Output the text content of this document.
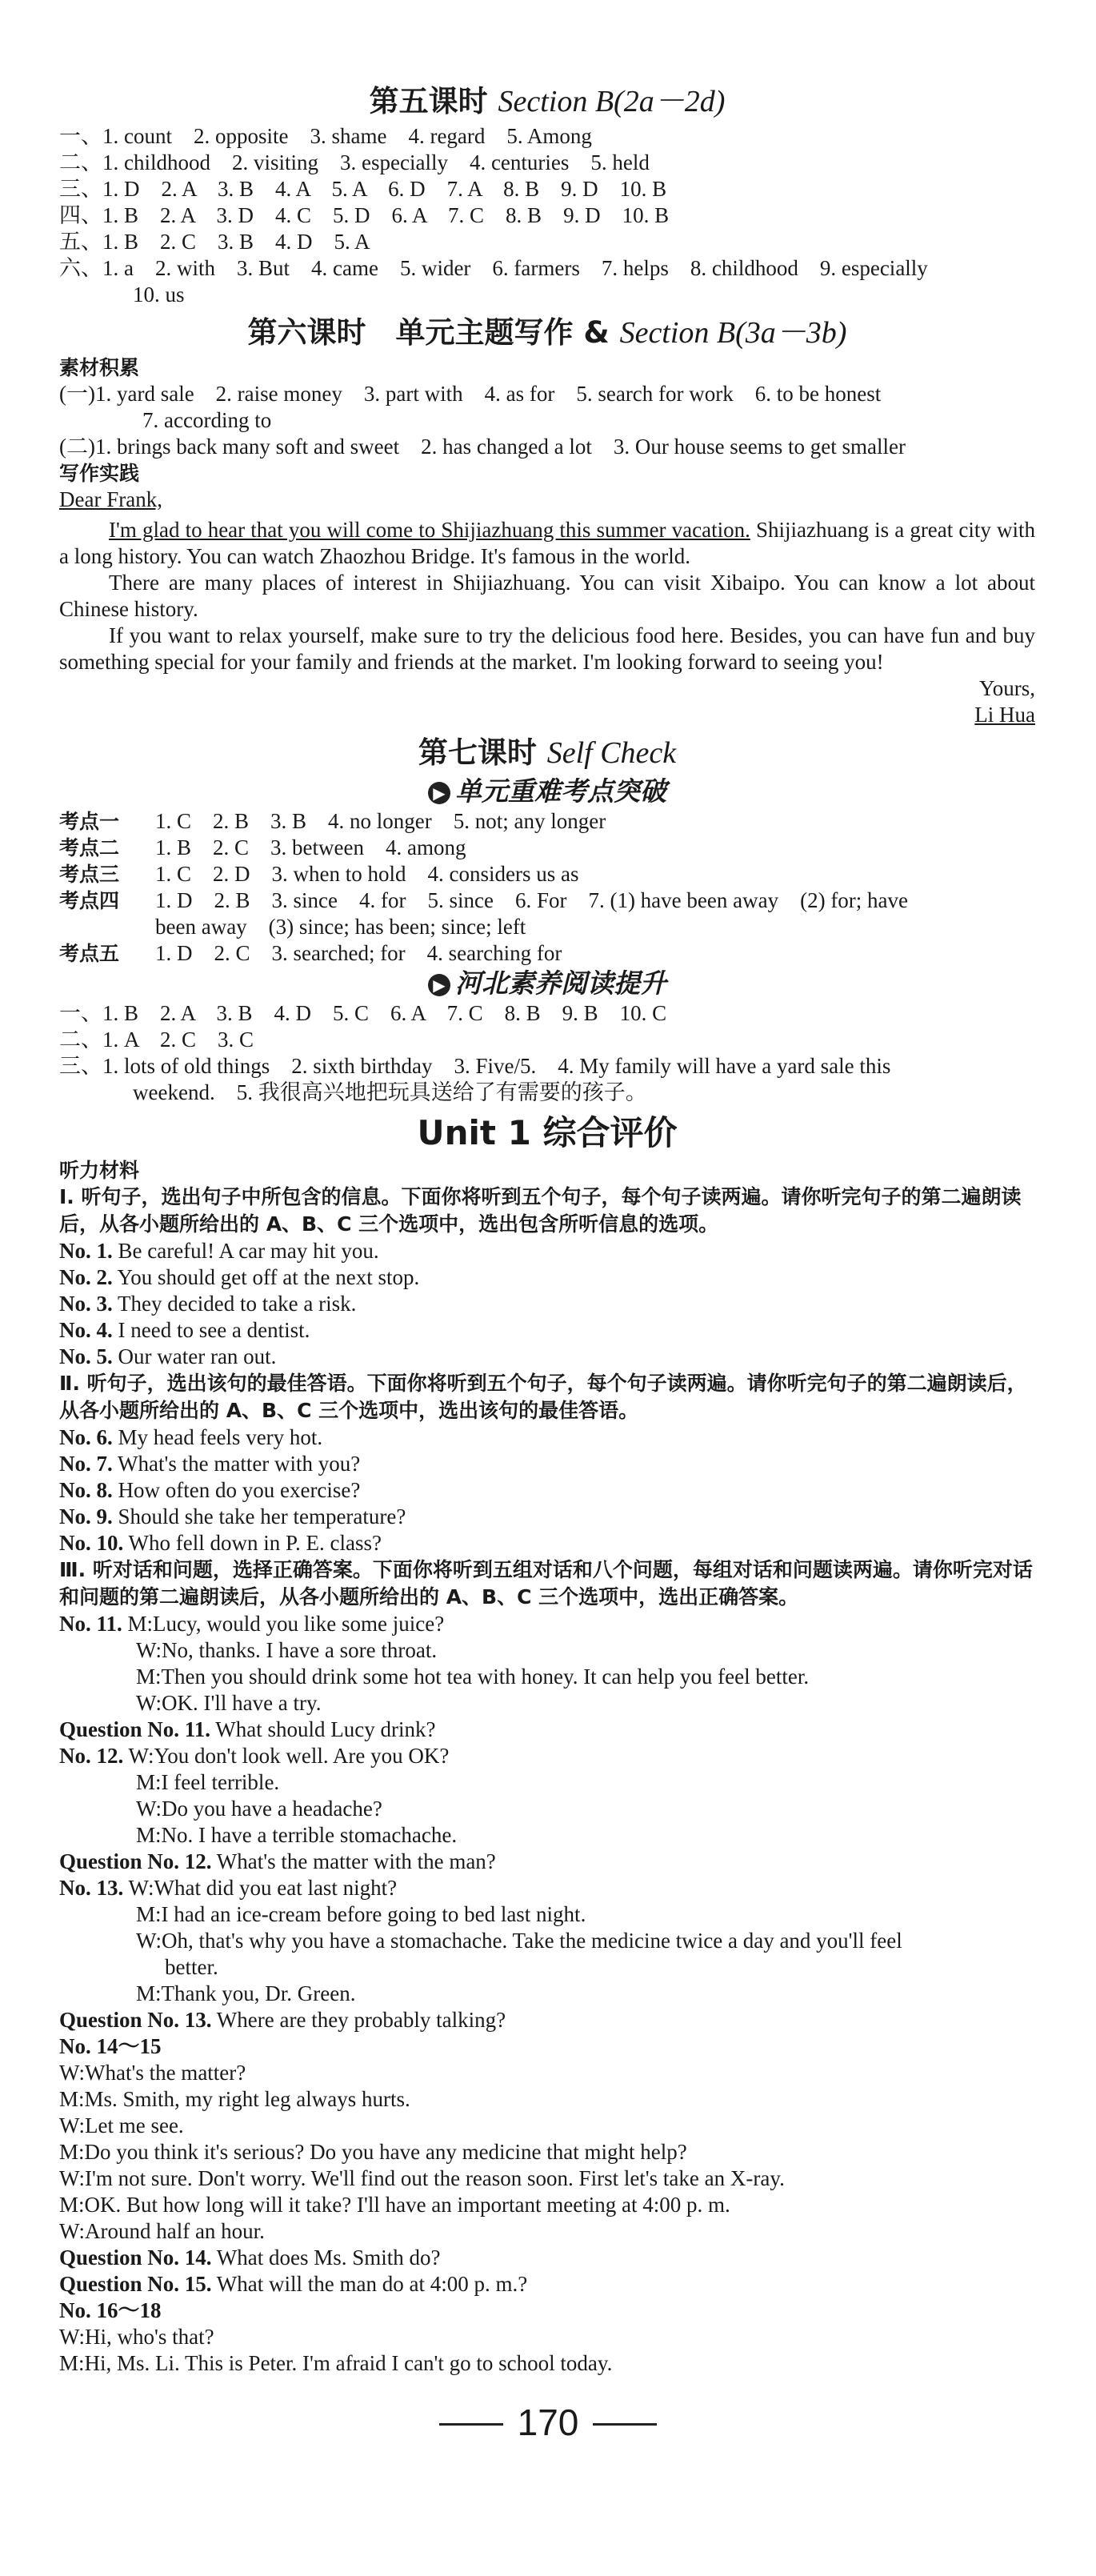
第五课时 Section B(2a－2d)
一、1. count　2. opposite　3. shame　4. regard　5. Among
二、1. childhood　2. visiting　3. especially　4. centuries　5. held
三、1. D　2. A　3. B　4. A　5. A　6. D　7. A　8. B　9. D　10. B
四、1. B　2. A　3. D　4. C　5. D　6. A　7. C　8. B　9. D　10. B
五、1. B　2. C　3. B　4. D　5. A
六、1. a　2. with　3. But　4. came　5. wider　6. farmers　7. helps　8. childhood　9. especially
10. us
第六课时　单元主题写作 & Section B(3a－3b)
素材积累
(一)1. yard sale　2. raise money　3. part with　4. as for　5. search for work　6. to be honest
7. according to
(二)1. brings back many soft and sweet　2. has changed a lot　3. Our house seems to get smaller
写作实践
Dear Frank,
I'm glad to hear that you will come to Shijiazhuang this summer vacation. Shijiazhuang is a great city with a long history. You can watch Zhaozhou Bridge. It's famous in the world.
There are many places of interest in Shijiazhuang. You can visit Xibaipo. You can know a lot about Chinese history.
If you want to relax yourself, make sure to try the delicious food here. Besides, you can have fun and buy something special for your family and friends at the market. I'm looking forward to seeing you!
Yours,
Li Hua
第七课时 Self Check
▶ 单元重难考点突破
考点一	1. C　2. B　3. B　4. no longer　5. not; any longer
考点二	1. B　2. C　3. between　4. among
考点三	1. C　2. D　3. when to hold　4. considers us as
考点四	1. D　2. B　3. since　4. for　5. since　6. For　7. (1) have been away　(2) for; have
been away　(3) since; has been; since; left
考点五	1. D　2. C　3. searched; for　4. searching for
▶ 河北素养阅读提升
一、1. B　2. A　3. B　4. D　5. C　6. A　7. C　8. B　9. B　10. C
二、1. A　2. C　3. C
三、1. lots of old things　2. sixth birthday　3. Five/5.　4. My family will have a yard sale this
weekend.　5. 我很高兴地把玩具送给了有需要的孩子。
Unit 1 综合评价
听力材料
Ⅰ. 听句子，选出句子中所包含的信息。下面你将听到五个句子，每个句子读两遍。请你听完句子的第二遍朗读后，从各小题所给出的 A、B、C 三个选项中，选出包含所听信息的选项。
No. 1. Be careful! A car may hit you.
No. 2. You should get off at the next stop.
No. 3. They decided to take a risk.
No. 4. I need to see a dentist.
No. 5. Our water ran out.
Ⅱ. 听句子，选出该句的最佳答语。下面你将听到五个句子，每个句子读两遍。请你听完句子的第二遍朗读后，从各小题所给出的 A、B、C 三个选项中，选出该句的最佳答语。
No. 6. My head feels very hot.
No. 7. What's the matter with you?
No. 8. How often do you exercise?
No. 9. Should she take her temperature?
No. 10. Who fell down in P. E. class?
Ⅲ. 听对话和问题，选择正确答案。下面你将听到五组对话和八个问题，每组对话和问题读两遍。请你听完对话和问题的第二遍朗读后，从各小题所给出的 A、B、C 三个选项中，选出正确答案。
No. 11. M:Lucy, would you like some juice?
W:No, thanks. I have a sore throat.
M:Then you should drink some hot tea with honey. It can help you feel better.
W:OK. I'll have a try.
Question No. 11. What should Lucy drink?
No. 12. W:You don't look well. Are you OK?
M:I feel terrible.
W:Do you have a headache?
M:No. I have a terrible stomachache.
Question No. 12. What's the matter with the man?
No. 13. W:What did you eat last night?
M:I had an ice-cream before going to bed last night.
W:Oh, that's why you have a stomachache. Take the medicine twice a day and you'll feel
better.
M:Thank you, Dr. Green.
Question No. 13. Where are they probably talking?
No. 14～15
W:What's the matter?
M:Ms. Smith, my right leg always hurts.
W:Let me see.
M:Do you think it's serious? Do you have any medicine that might help?
W:I'm not sure. Don't worry. We'll find out the reason soon. First let's take an X-ray.
M:OK. But how long will it take? I'll have an important meeting at 4:00 p. m.
W:Around half an hour.
Question No. 14. What does Ms. Smith do?
Question No. 15. What will the man do at 4:00 p. m.?
No. 16～18
W:Hi, who's that?
M:Hi, Ms. Li. This is Peter. I'm afraid I can't go to school today.
170
